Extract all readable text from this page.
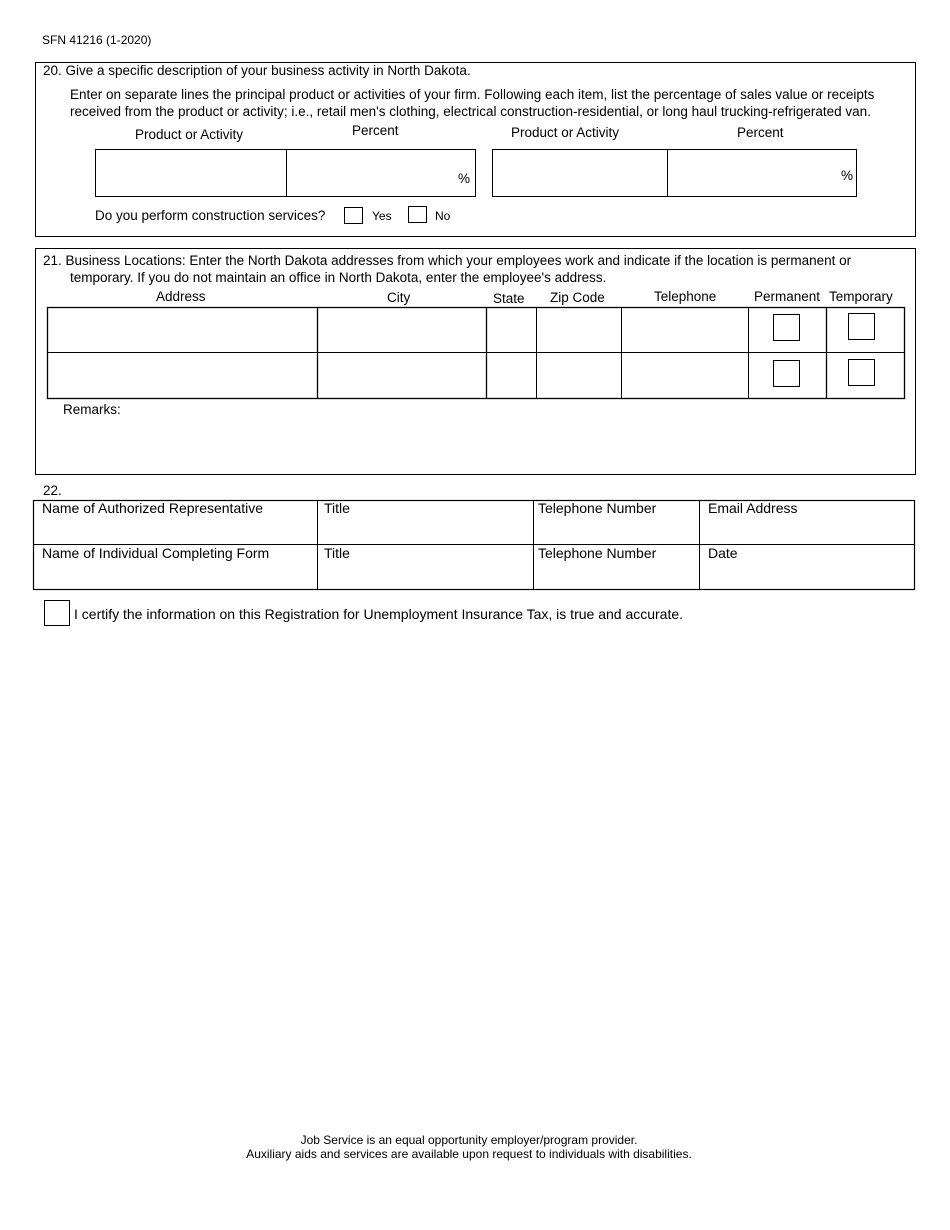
SFN 41216 (1-2020)
20. Give a specific description of your business activity in North Dakota.
Enter on separate lines the principal product or activities of your firm. Following each item, list the percentage of sales value or receipts
received from the product or activity; i.e., retail men's clothing, electrical construction-residential, or long haul trucking-refrigerated van.
Product or Activity	Percent	Product or Activity	Percent
%	%
Do you perform construction services?	Yes	No
21. Business Locations: Enter the North Dakota addresses from which your employees work and indicate if the location is permanent or
temporary. If you do not maintain an office in North Dakota, enter the employee's address.
Address	City	State Zip Code	Telephone	Permanent Temporary
Remarks:
22.
Name of Authorized Representative	Title	Telephone Number	Email Address
Name of Individual Completing Form	Title	Telephone Number	Date
I certify the information on this Registration for Unemployment Insurance Tax, is true and accurate.
Job Service is an equal opportunity employer/program provider.
Auxiliary aids and services are available upon request to individuals with disabilities.
